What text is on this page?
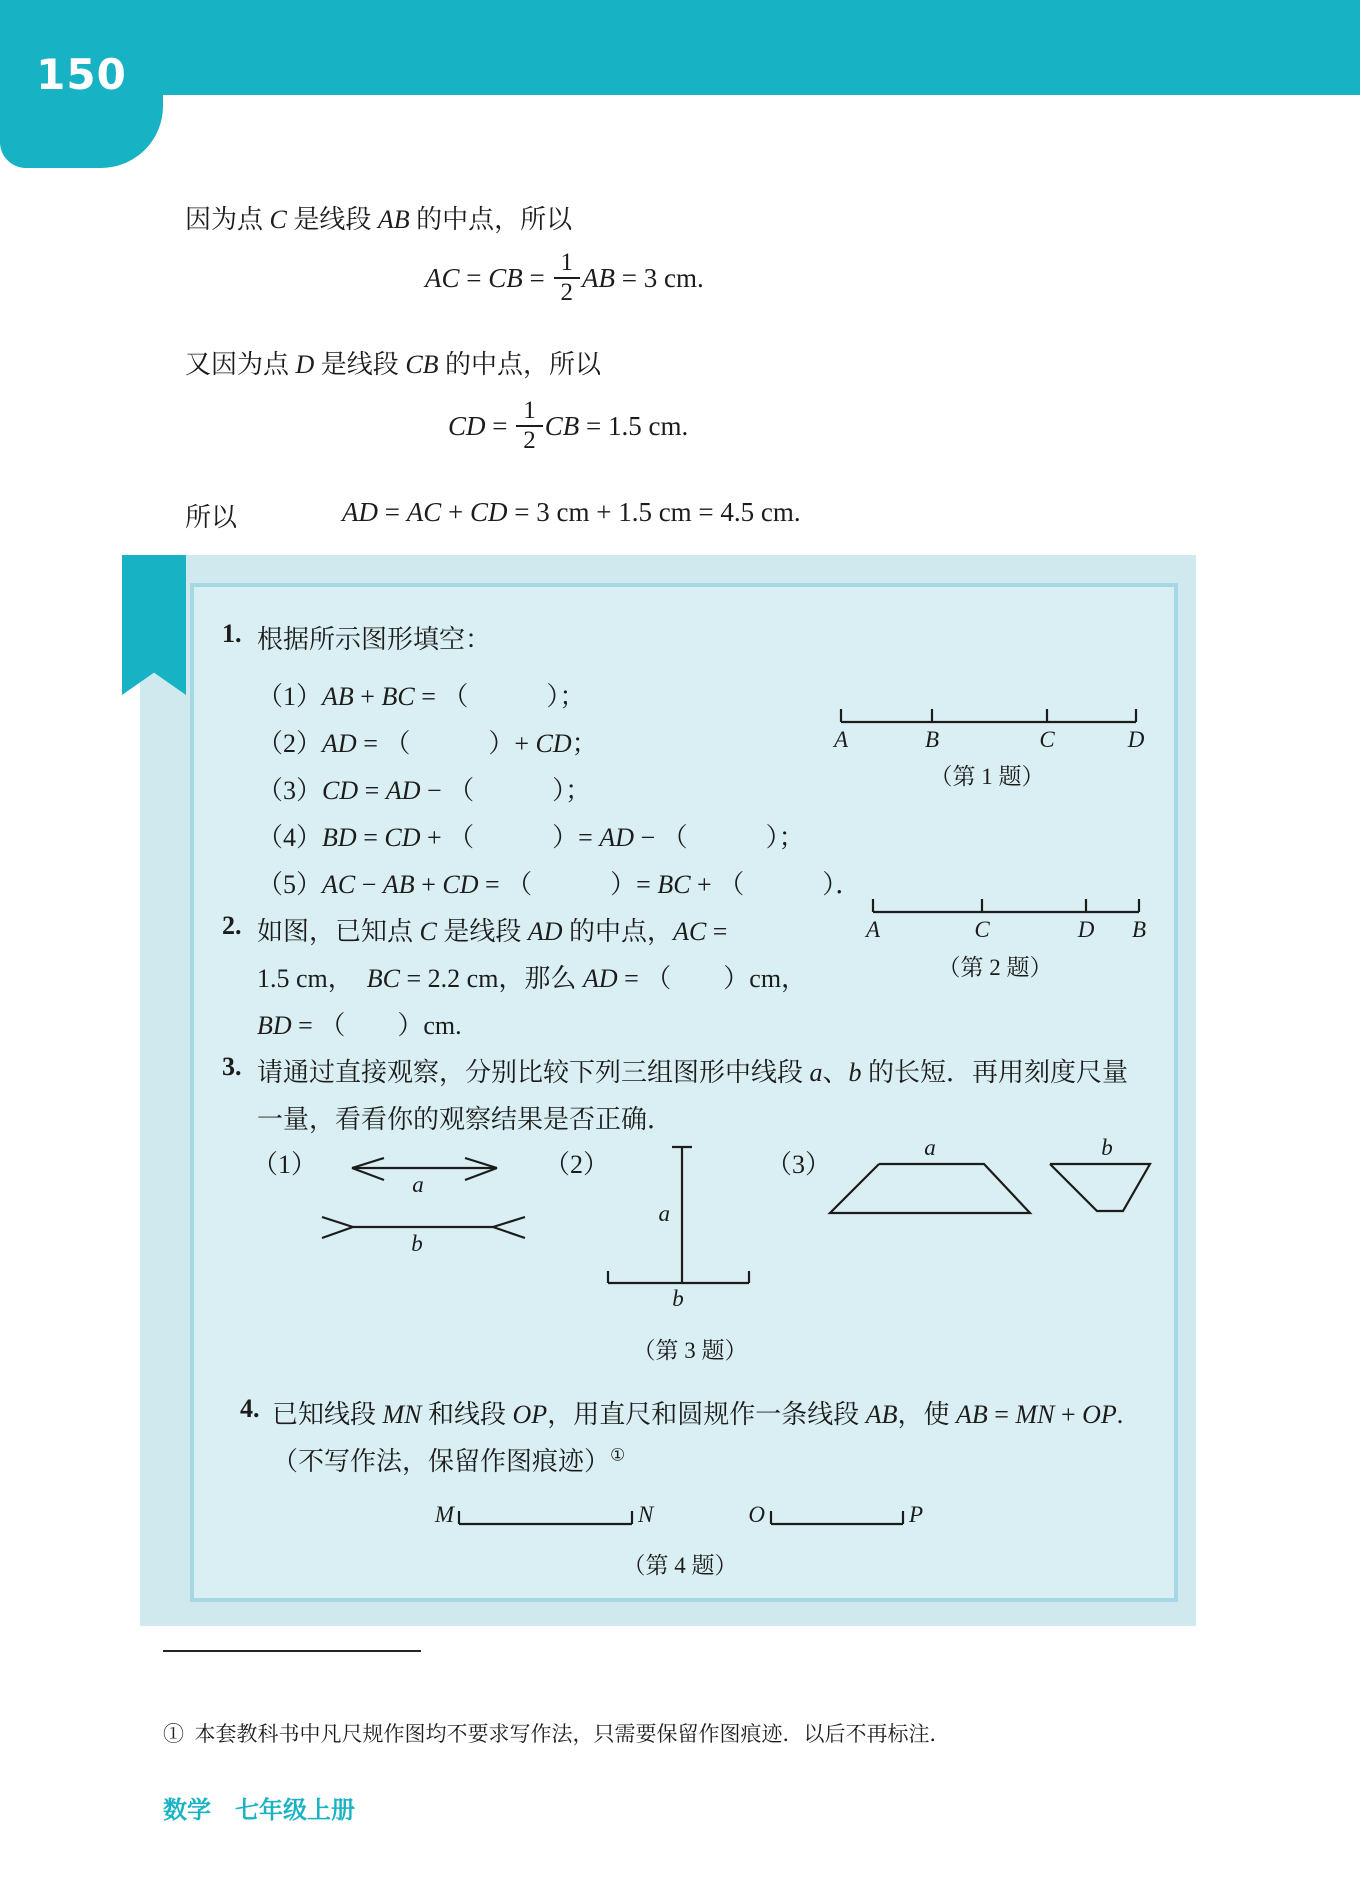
150
因为点 C 是线段 AB 的中点，所以
AC = CB = $\frac{1}{2}$ AB = 3 cm.
又因为点 D 是线段 CB 的中点，所以
CD = $\frac{1}{2}$ CB = 1.5 cm.
所以	AD = AC + CD = 3 cm + 1.5 cm = 4.5 cm.
练
习
1. 根据所示图形填空：
（1）AB + BC = （　　　）；
（2）AD = （　　　）+ CD；
（3）CD = AD − （　　　）；
（4）BD = CD + （　　　）= AD − （　　　）；
（5）AC − AB + CD = （　　　）= BC + （　　　）．
A	B	C	D
（第 1 题）
2. 如图，已知点 C 是线段 AD 的中点，AC =
1.5 cm，  BC = 2.2 cm，那么 AD = （　　）cm，
BD = （　　）cm.
A	C	D B
（第 2 题）
3. 请通过直接观察，分别比较下列三组图形中线段 a、b 的长短．再用刻度尺量
一量，看看你的观察结果是否正确．
（1）	（2）	（3）
a
b
a
b
a	b
（第 3 题）
4. 已知线段 MN 和线段 OP，用直尺和圆规作一条线段 AB，使 AB = MN + OP.
（不写作法，保留作图痕迹）①
M	N	O	P
（第 4 题）
①  本套教科书中凡尺规作图均不要求写作法，只需要保留作图痕迹．以后不再标注．
数学　七年级上册
